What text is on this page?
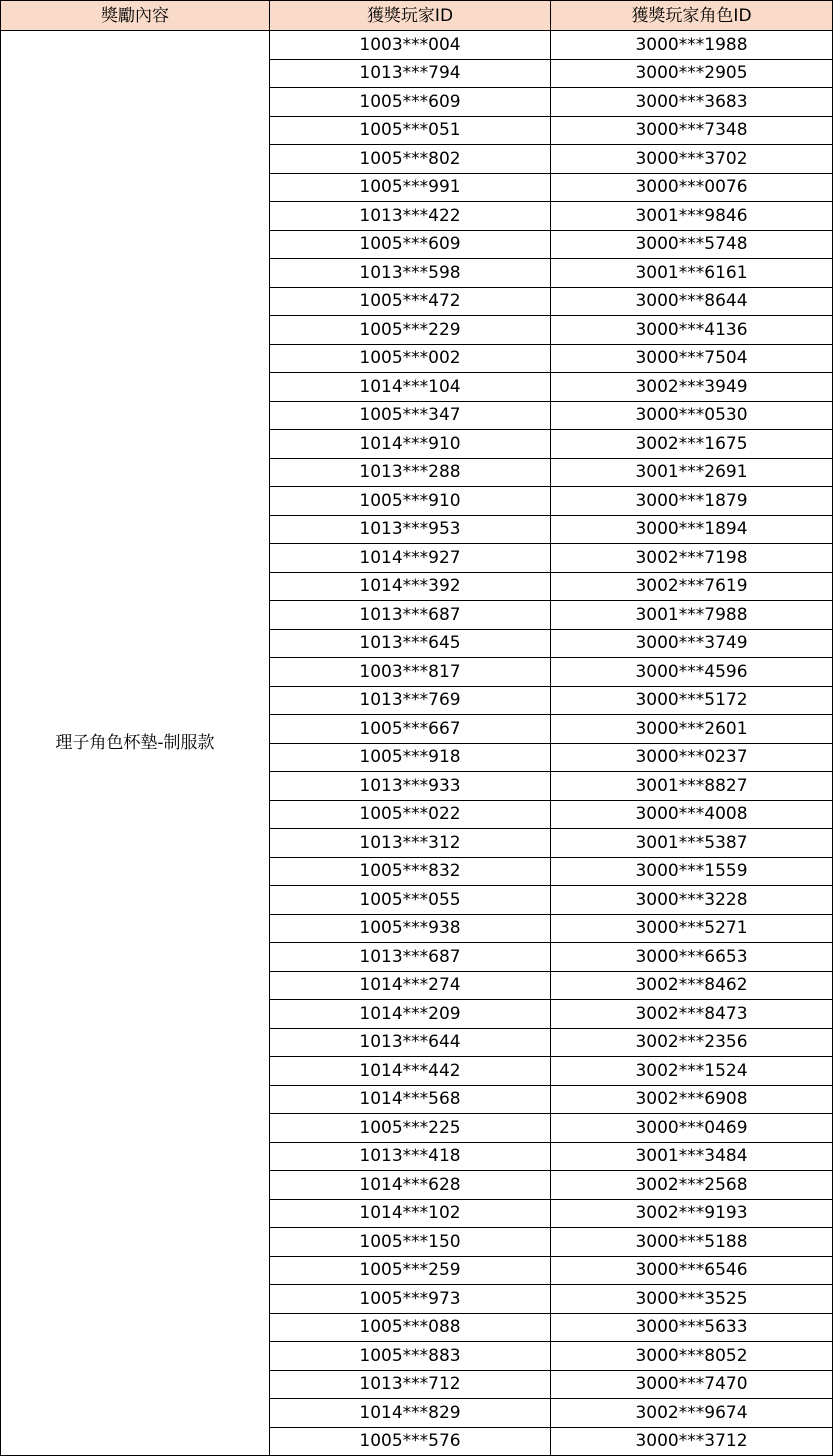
獎勵內容	獲獎玩家ID	獲獎玩家角色ID
理子角色杯墊-制服款	1003***004	3000***1988
	1013***794	3000***2905
	1005***609	3000***3683
	1005***051	3000***7348
	1005***802	3000***3702
	1005***991	3000***0076
	1013***422	3001***9846
	1005***609	3000***5748
	1013***598	3001***6161
	1005***472	3000***8644
	1005***229	3000***4136
	1005***002	3000***7504
	1014***104	3002***3949
	1005***347	3000***0530
	1014***910	3002***1675
	1013***288	3001***2691
	1005***910	3000***1879
	1013***953	3000***1894
	1014***927	3002***7198
	1014***392	3002***7619
	1013***687	3001***7988
	1013***645	3000***3749
	1003***817	3000***4596
	1013***769	3000***5172
	1005***667	3000***2601
	1005***918	3000***0237
	1013***933	3001***8827
	1005***022	3000***4008
	1013***312	3001***5387
	1005***832	3000***1559
	1005***055	3000***3228
	1005***938	3000***5271
	1013***687	3000***6653
	1014***274	3002***8462
	1014***209	3002***8473
	1013***644	3002***2356
	1014***442	3002***1524
	1014***568	3002***6908
	1005***225	3000***0469
	1013***418	3001***3484
	1014***628	3002***2568
	1014***102	3002***9193
	1005***150	3000***5188
	1005***259	3000***6546
	1005***973	3000***3525
	1005***088	3000***5633
	1005***883	3000***8052
	1013***712	3000***7470
	1014***829	3002***9674
	1005***576	3000***3712
